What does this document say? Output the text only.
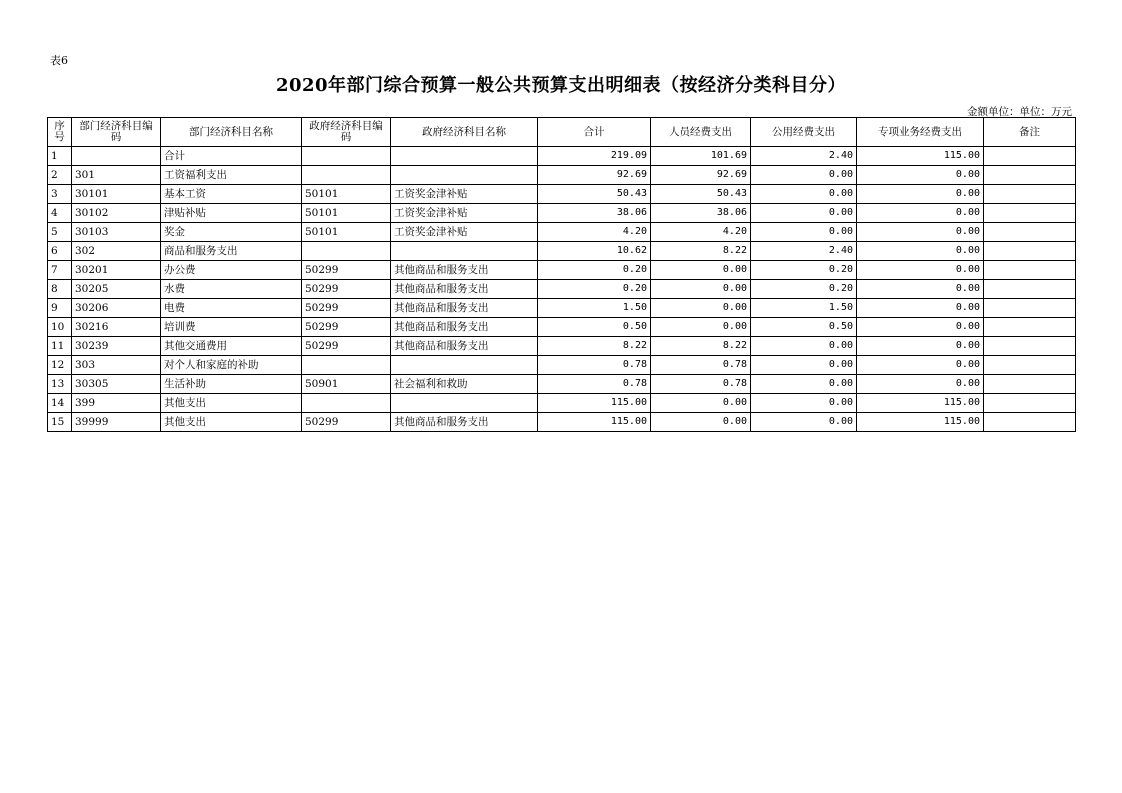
表6
2020年部门综合预算一般公共预算支出明细表（按经济分类科目分）
金额单位：单位：万元
序号	部门经济科目编码	部门经济科目名称	政府经济科目编码	政府经济科目名称	合计	人员经费支出	公用经费支出	专项业务经费支出	备注
1		合计			219.09	101.69	2.40	115.00	
2	301	工资福利支出			92.69	92.69	0.00	0.00	
3	30101	基本工资	50101	工资奖金津补贴	50.43	50.43	0.00	0.00	
4	30102	津贴补贴	50101	工资奖金津补贴	38.06	38.06	0.00	0.00	
5	30103	奖金	50101	工资奖金津补贴	4.20	4.20	0.00	0.00	
6	302	商品和服务支出			10.62	8.22	2.40	0.00	
7	30201	办公费	50299	其他商品和服务支出	0.20	0.00	0.20	0.00	
8	30205	水费	50299	其他商品和服务支出	0.20	0.00	0.20	0.00	
9	30206	电费	50299	其他商品和服务支出	1.50	0.00	1.50	0.00	
10	30216	培训费	50299	其他商品和服务支出	0.50	0.00	0.50	0.00	
11	30239	其他交通费用	50299	其他商品和服务支出	8.22	8.22	0.00	0.00	
12	303	对个人和家庭的补助			0.78	0.78	0.00	0.00	
13	30305	生活补助	50901	社会福利和救助	0.78	0.78	0.00	0.00	
14	399	其他支出			115.00	0.00	0.00	115.00	
15	39999	其他支出	50299	其他商品和服务支出	115.00	0.00	0.00	115.00	
